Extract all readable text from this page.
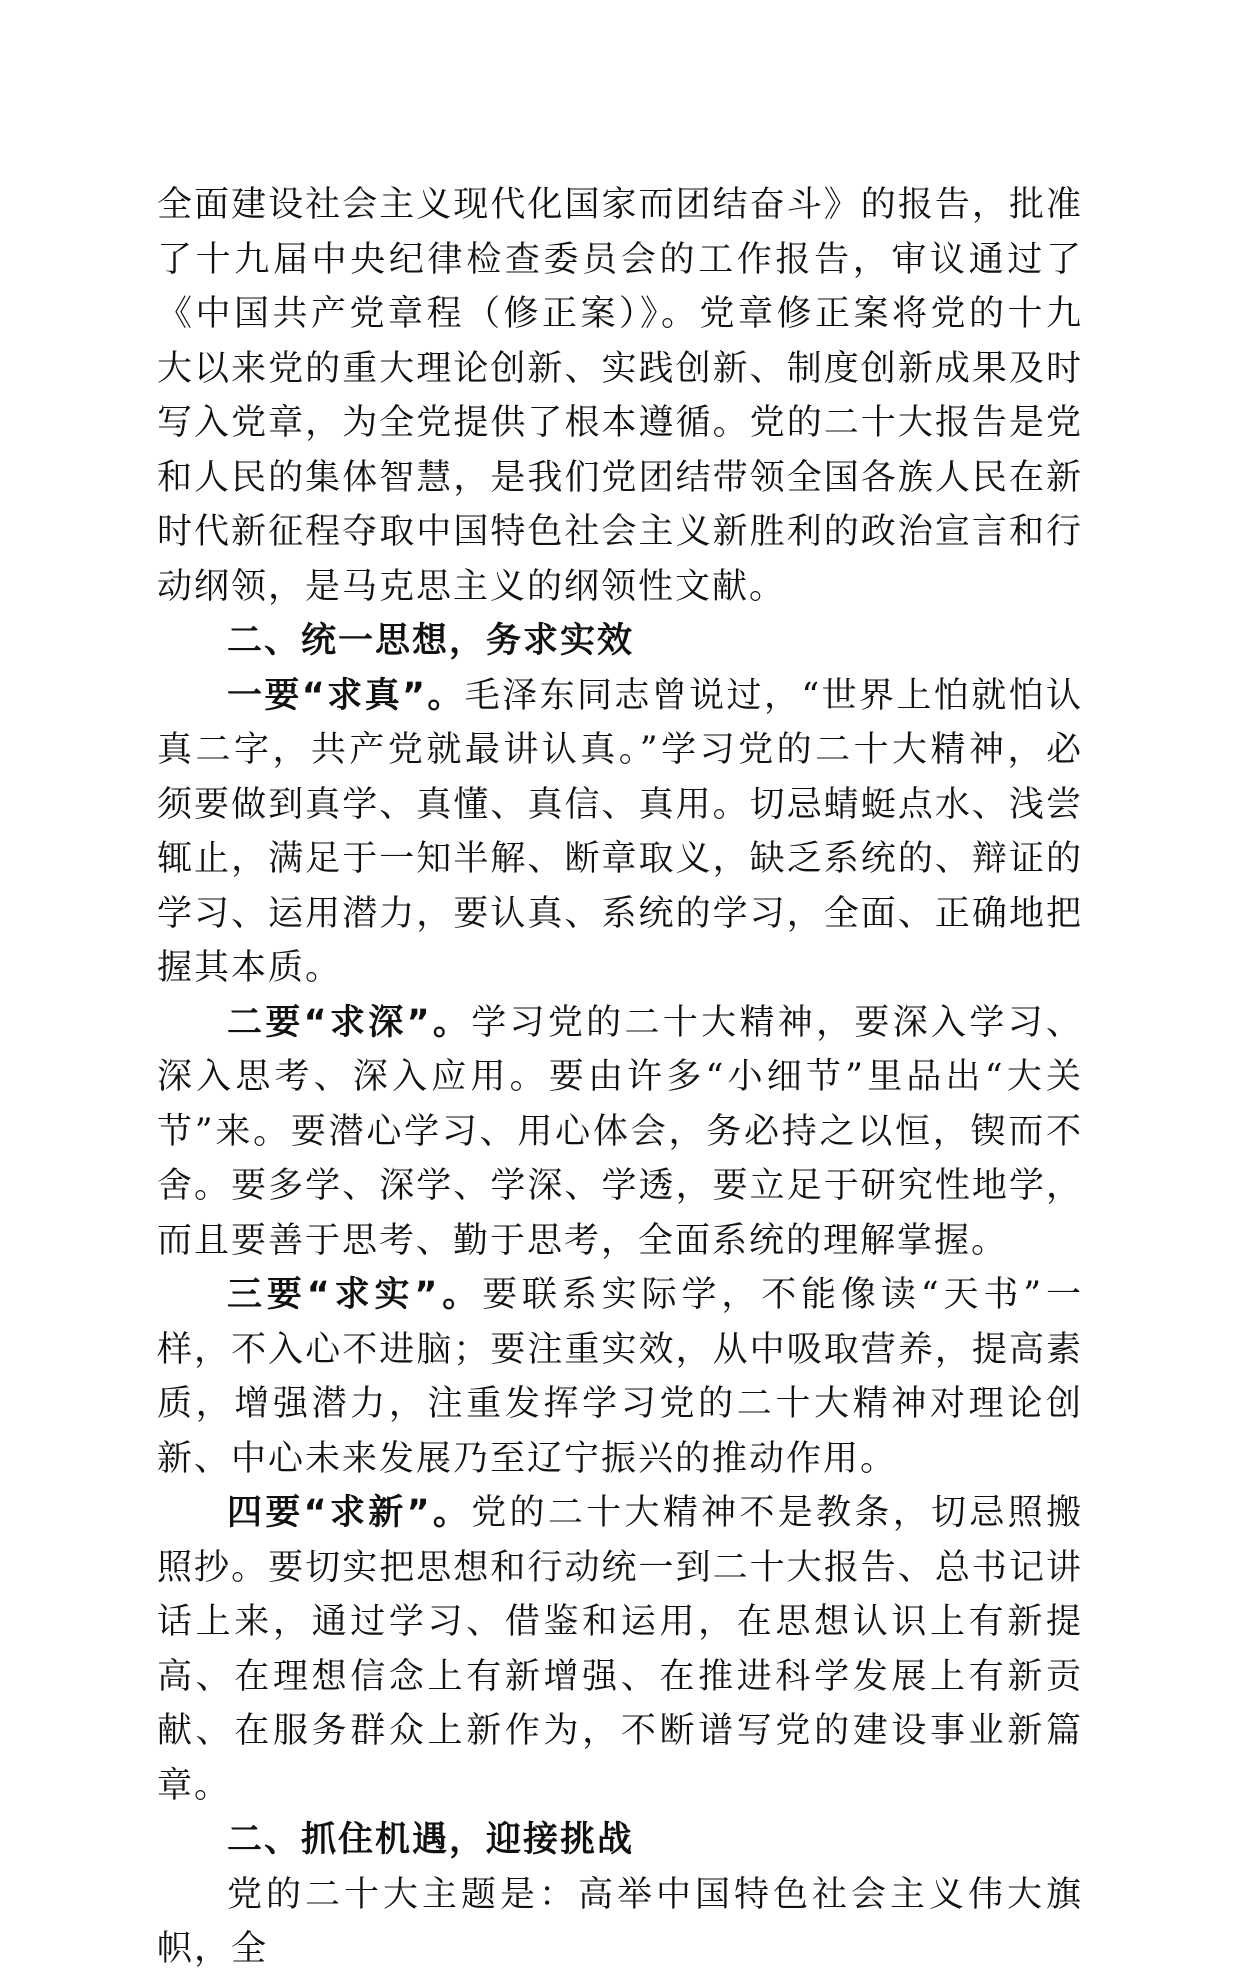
全面建设社会主义现代化国家而团结奋斗》的报告，批准了十九届中央纪律检查委员会的工作报告，审议通过了《中国共产党章程（修正案）》。党章修正案将党的十九大以来党的重大理论创新、实践创新、制度创新成果及时写入党章，为全党提供了根本遵循。党的二十大报告是党和人民的集体智慧，是我们党团结带领全国各族人民在新时代新征程夺取中国特色社会主义新胜利的政治宣言和行动纲领，是马克思主义的纲领性文献。

二、统一思想，务求实效

一要“求真”。毛泽东同志曾说过，“世界上怕就怕认真二字，共产党就最讲认真。”学习党的二十大精神，必须要做到真学、真懂、真信、真用。切忌蜻蜓点水、浅尝辄止，满足于一知半解、断章取义，缺乏系统的、辩证的学习、运用潜力，要认真、系统的学习，全面、正确地把握其本质。

二要“求深”。学习党的二十大精神，要深入学习、深入思考、深入应用。要由许多“小细节”里品出“大关节”来。要潜心学习、用心体会，务必持之以恒，锲而不舍。要多学、深学、学深、学透，要立足于研究性地学，而且要善于思考、勤于思考，全面系统的理解掌握。

三要“求实”。要联系实际学，不能像读“天书”一样，不入心不进脑；要注重实效，从中吸取营养，提高素质，增强潜力，注重发挥学习党的二十大精神对理论创新、中心未来发展乃至辽宁振兴的推动作用。

四要“求新”。党的二十大精神不是教条，切忌照搬照抄。要切实把思想和行动统一到二十大报告、总书记讲话上来，通过学习、借鉴和运用，在思想认识上有新提高、在理想信念上有新增强、在推进科学发展上有新贡献、在服务群众上新作为，不断谱写党的建设事业新篇章。

二、抓住机遇，迎接挑战

党的二十大主题是：高举中国特色社会主义伟大旗帜，全
